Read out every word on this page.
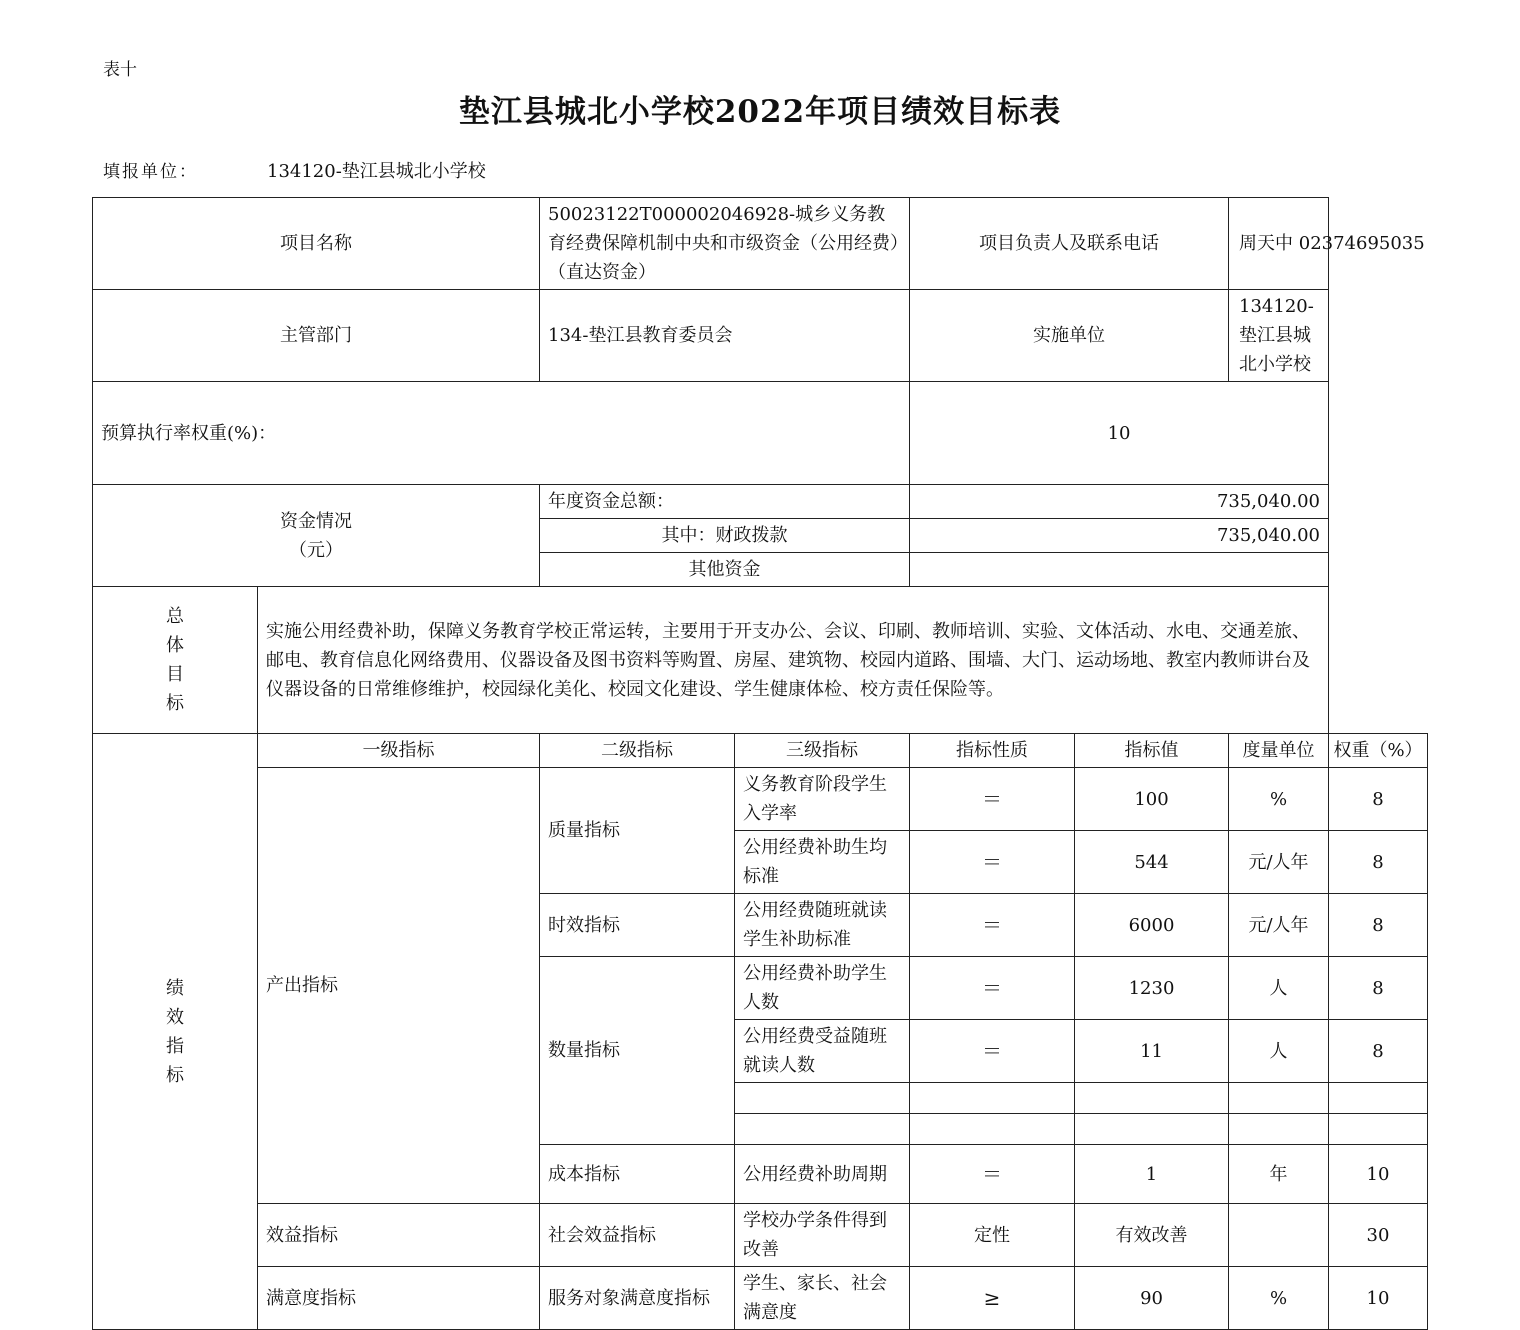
表十
垫江县城北小学校2022年项目绩效目标表
填报单位：	134120-垫江县城北小学校
项目名称		50023122T000002046928-城乡义务教育经费保障机制中央和市级资金（公用经费）（直达资金）		项目负责人及联系电话		周天中 02374695035	
主管部门		134-垫江县教育委员会		实施单位		134120-垫江县城北小学校	
预算执行率权重(%)：				10			

资金情况
（元）		年度资金总额：		735,040.00			
		其中：财政拨款		735,040.00			
		其他资金					

总
体
目
标	实施公用经费补助，保障义务教育学校正常运转，主要用于开支办公、会议、印刷、教师培训、实验、文体活动、水电、交通差旅、邮电、教育信息化网络费用、仪器设备及图书资料等购置、房屋、建筑物、校园内道路、围墙、大门、运动场地、教室内教师讲台及仪器设备的日常维修维护，校园绿化美化、校园文化建设、学生健康体检、校方责任保险等。						

绩
效
指
标	一级指标	二级指标	三级指标	指标性质	指标值	度量单位	权重（%）
	产出指标	质量指标	义务教育阶段学生入学率	＝	100	%	8
			公用经费补助生均标准	＝	544	元/人年	8
		时效指标	公用经费随班就读学生补助标准	＝	6000	元/人年	8
		数量指标	公用经费补助学生人数	＝	1230	人	8
			公用经费受益随班就读人数	＝	11	人	8

		成本指标	公用经费补助周期	＝	1	年	10
	效益指标	社会效益指标	学校办学条件得到改善	定性	有效改善		30
	满意度指标	服务对象满意度指标	学生、家长、社会满意度	≥	90	%	10
